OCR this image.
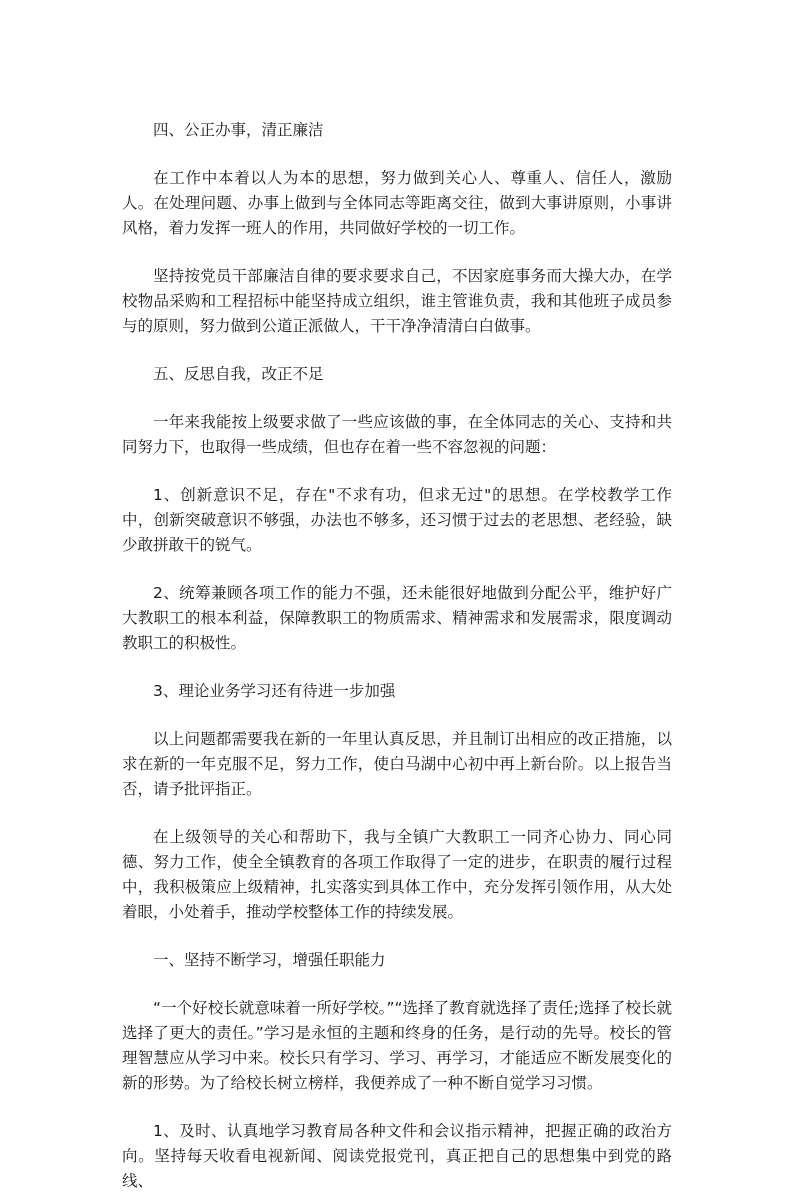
四、公正办事，清正廉洁

在工作中本着以人为本的思想，努力做到关心人、尊重人、信任人，激励人。在处理问题、办事上做到与全体同志等距离交往，做到大事讲原则，小事讲风格，着力发挥一班人的作用，共同做好学校的一切工作。

坚持按党员干部廉洁自律的要求要求自己，不因家庭事务而大操大办，在学校物品采购和工程招标中能坚持成立组织，谁主管谁负责，我和其他班子成员参与的原则，努力做到公道正派做人，干干净净清清白白做事。

五、反思自我，改正不足

一年来我能按上级要求做了一些应该做的事，在全体同志的关心、支持和共同努力下，也取得一些成绩，但也存在着一些不容忽视的问题：

1、创新意识不足，存在"不求有功，但求无过"的思想。在学校教学工作中，创新突破意识不够强，办法也不够多，还习惯于过去的老思想、老经验，缺少敢拼敢干的锐气。

2、统筹兼顾各项工作的能力不强，还未能很好地做到分配公平，维护好广大教职工的根本利益，保障教职工的物质需求、精神需求和发展需求，限度调动教职工的积极性。

3、理论业务学习还有待进一步加强

以上问题都需要我在新的一年里认真反思，并且制订出相应的改正措施，以求在新的一年克服不足，努力工作，使白马湖中心初中再上新台阶。以上报告当否，请予批评指正。

在上级领导的关心和帮助下，我与全镇广大教职工一同齐心协力、同心同德、努力工作，使全全镇教育的各项工作取得了一定的进步，在职责的履行过程中，我积极策应上级精神，扎实落实到具体工作中，充分发挥引领作用，从大处着眼，小处着手，推动学校整体工作的持续发展。

一、坚持不断学习，增强任职能力

“一个好校长就意味着一所好学校。”“选择了教育就选择了责任;选择了校长就选择了更大的责任。”学习是永恒的主题和终身的任务，是行动的先导。校长的管理智慧应从学习中来。校长只有学习、学习、再学习，才能适应不断发展变化的新的形势。为了给校长树立榜样，我便养成了一种不断自觉学习习惯。

1、及时、认真地学习教育局各种文件和会议指示精神，把握正确的政治方向。坚持每天收看电视新闻、阅读党报党刊，真正把自己的思想集中到党的路线、
